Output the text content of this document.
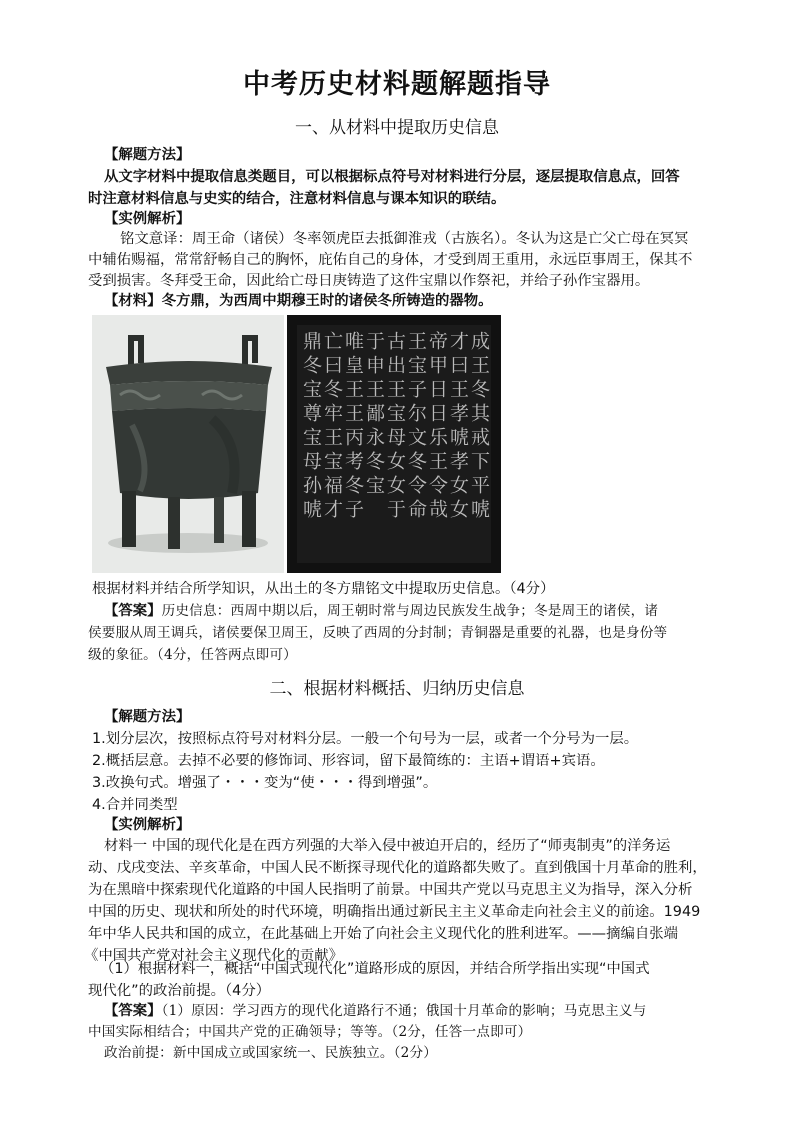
中考历史材料题解题指导
一、从材料中提取历史信息
【解题方法】
从文字材料中提取信息类题目，可以根据标点符号对材料进行分层，逐层提取信息点，回答
时注意材料信息与史实的结合，注意材料信息与课本知识的联结。
【实例解析】
铭文意译：周王命（诸侯）冬率领虎臣去抵御淮戎（古族名）。冬认为这是亡父亡母在冥冥
中辅佑赐福，常常舒畅自己的胸怀，庇佑自己的身体，才受到周王重用，永远臣事周王，保其不
受到损害。冬拜受王命，因此给亡母日庚铸造了这件宝鼎以作祭祀，并给子孙作宝器用。
【材料】冬方鼎，为西周中期穆王时的诸侯冬所铸造的器物。
成王冬其戒下平唬
才曰王孝唬孝女女
帝甲日日乐王令哉
王宝子尔文冬令命
古出王宝母女女于
于申王鄙永冬宝
唯皇王王丙考冬子
亡曰冬牢王宝福才
鼎冬宝尊宝母孙唬
根据材料并结合所学知识，从出土的冬方鼎铭文中提取历史信息。（4分）
【答案】历史信息：西周中期以后，周王朝时常与周边民族发生战争；冬是周王的诸侯，诸
侯要服从周王调兵，诸侯要保卫周王，反映了西周的分封制；青铜器是重要的礼器，也是身份等
级的象征。（4分，任答两点即可）
二、根据材料概括、归纳历史信息
【解题方法】
1.划分层次，按照标点符号对材料分层。一般一个句号为一层，或者一个分号为一层。
2.概括层意。去掉不必要的修饰词、形容词，留下最简练的：主语+谓语+宾语。
3.改换句式。增强了・・・变为“使・・・得到增强”。
4.合并同类型
【实例解析】
材料一 中国的现代化是在西方列强的大举入侵中被迫开启的，经历了“师夷制夷”的洋务运
动、戊戌变法、辛亥革命，中国人民不断探寻现代化的道路都失败了。直到俄国十月革命的胜利，
为在黑暗中探索现代化道路的中国人民指明了前景。中国共产党以马克思主义为指导，深入分析
中国的历史、现状和所处的时代环境，明确指出通过新民主主义革命走向社会主义的前途。1949
年中华人民共和国的成立，在此基础上开始了向社会主义现代化的胜利进军。——摘编自张端
《中国共产党对社会主义现代化的贡献》
（1）根据材料一，概括“中国式现代化”道路形成的原因，并结合所学指出实现“中国式
现代化”的政治前提。（4分）
【答案】（1）原因：学习西方的现代化道路行不通；俄国十月革命的影响；马克思主义与
中国实际相结合；中国共产党的正确领导；等等。（2分，任答一点即可）
政治前提：新中国成立或国家统一、民族独立。（2分）
